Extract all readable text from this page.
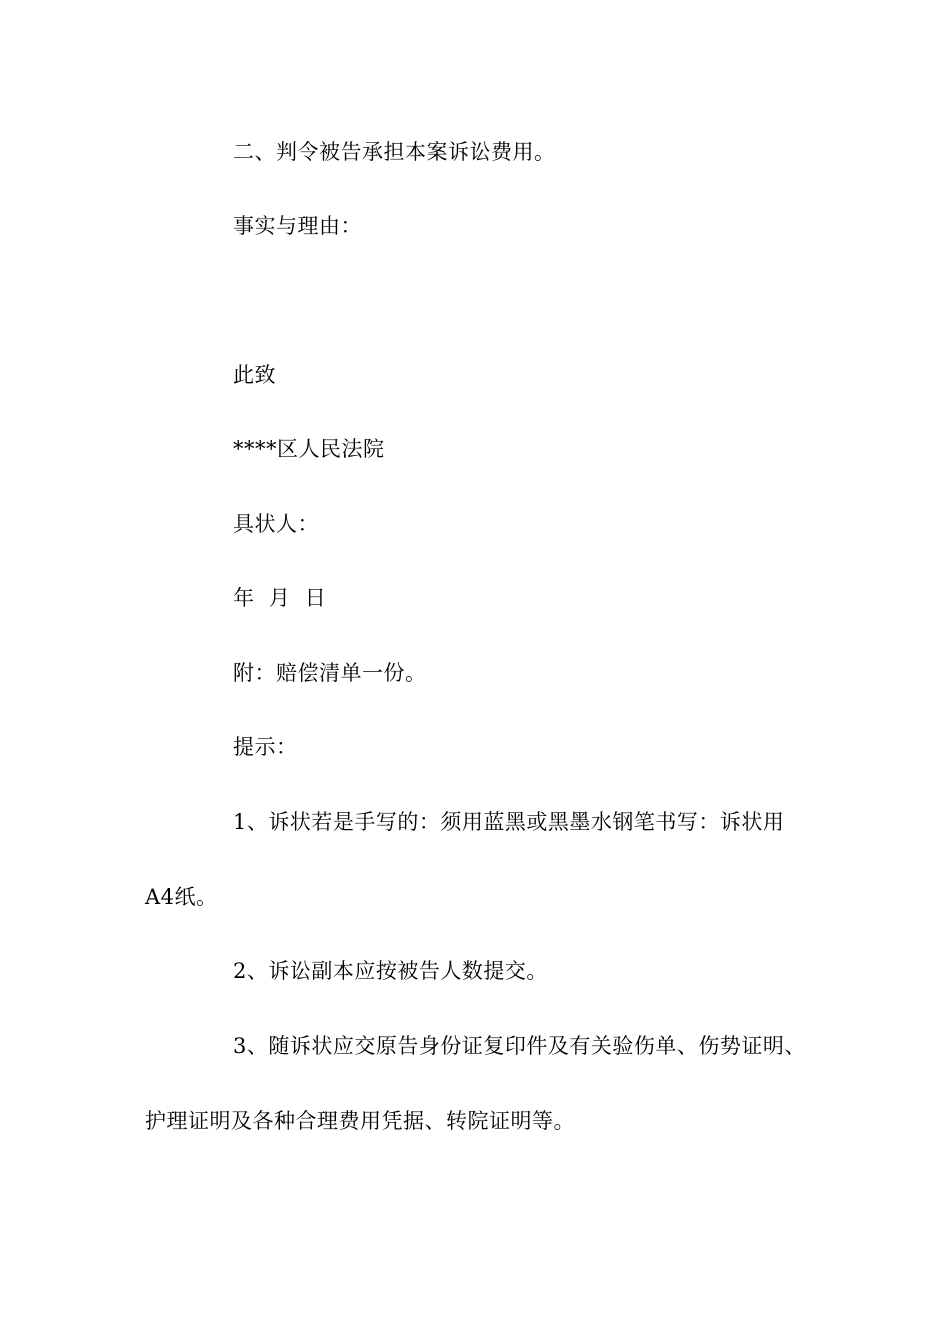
二、判令被告承担本案诉讼费用。
事实与理由：
此致
****区人民法院
具状人：
年  月  日
附：赔偿清单一份。
提示：
1、诉状若是手写的：须用蓝黑或黑墨水钢笔书写：诉状用
A4纸。
2、诉讼副本应按被告人数提交。
3、随诉状应交原告身份证复印件及有关验伤单、伤势证明、
护理证明及各种合理费用凭据、转院证明等。
